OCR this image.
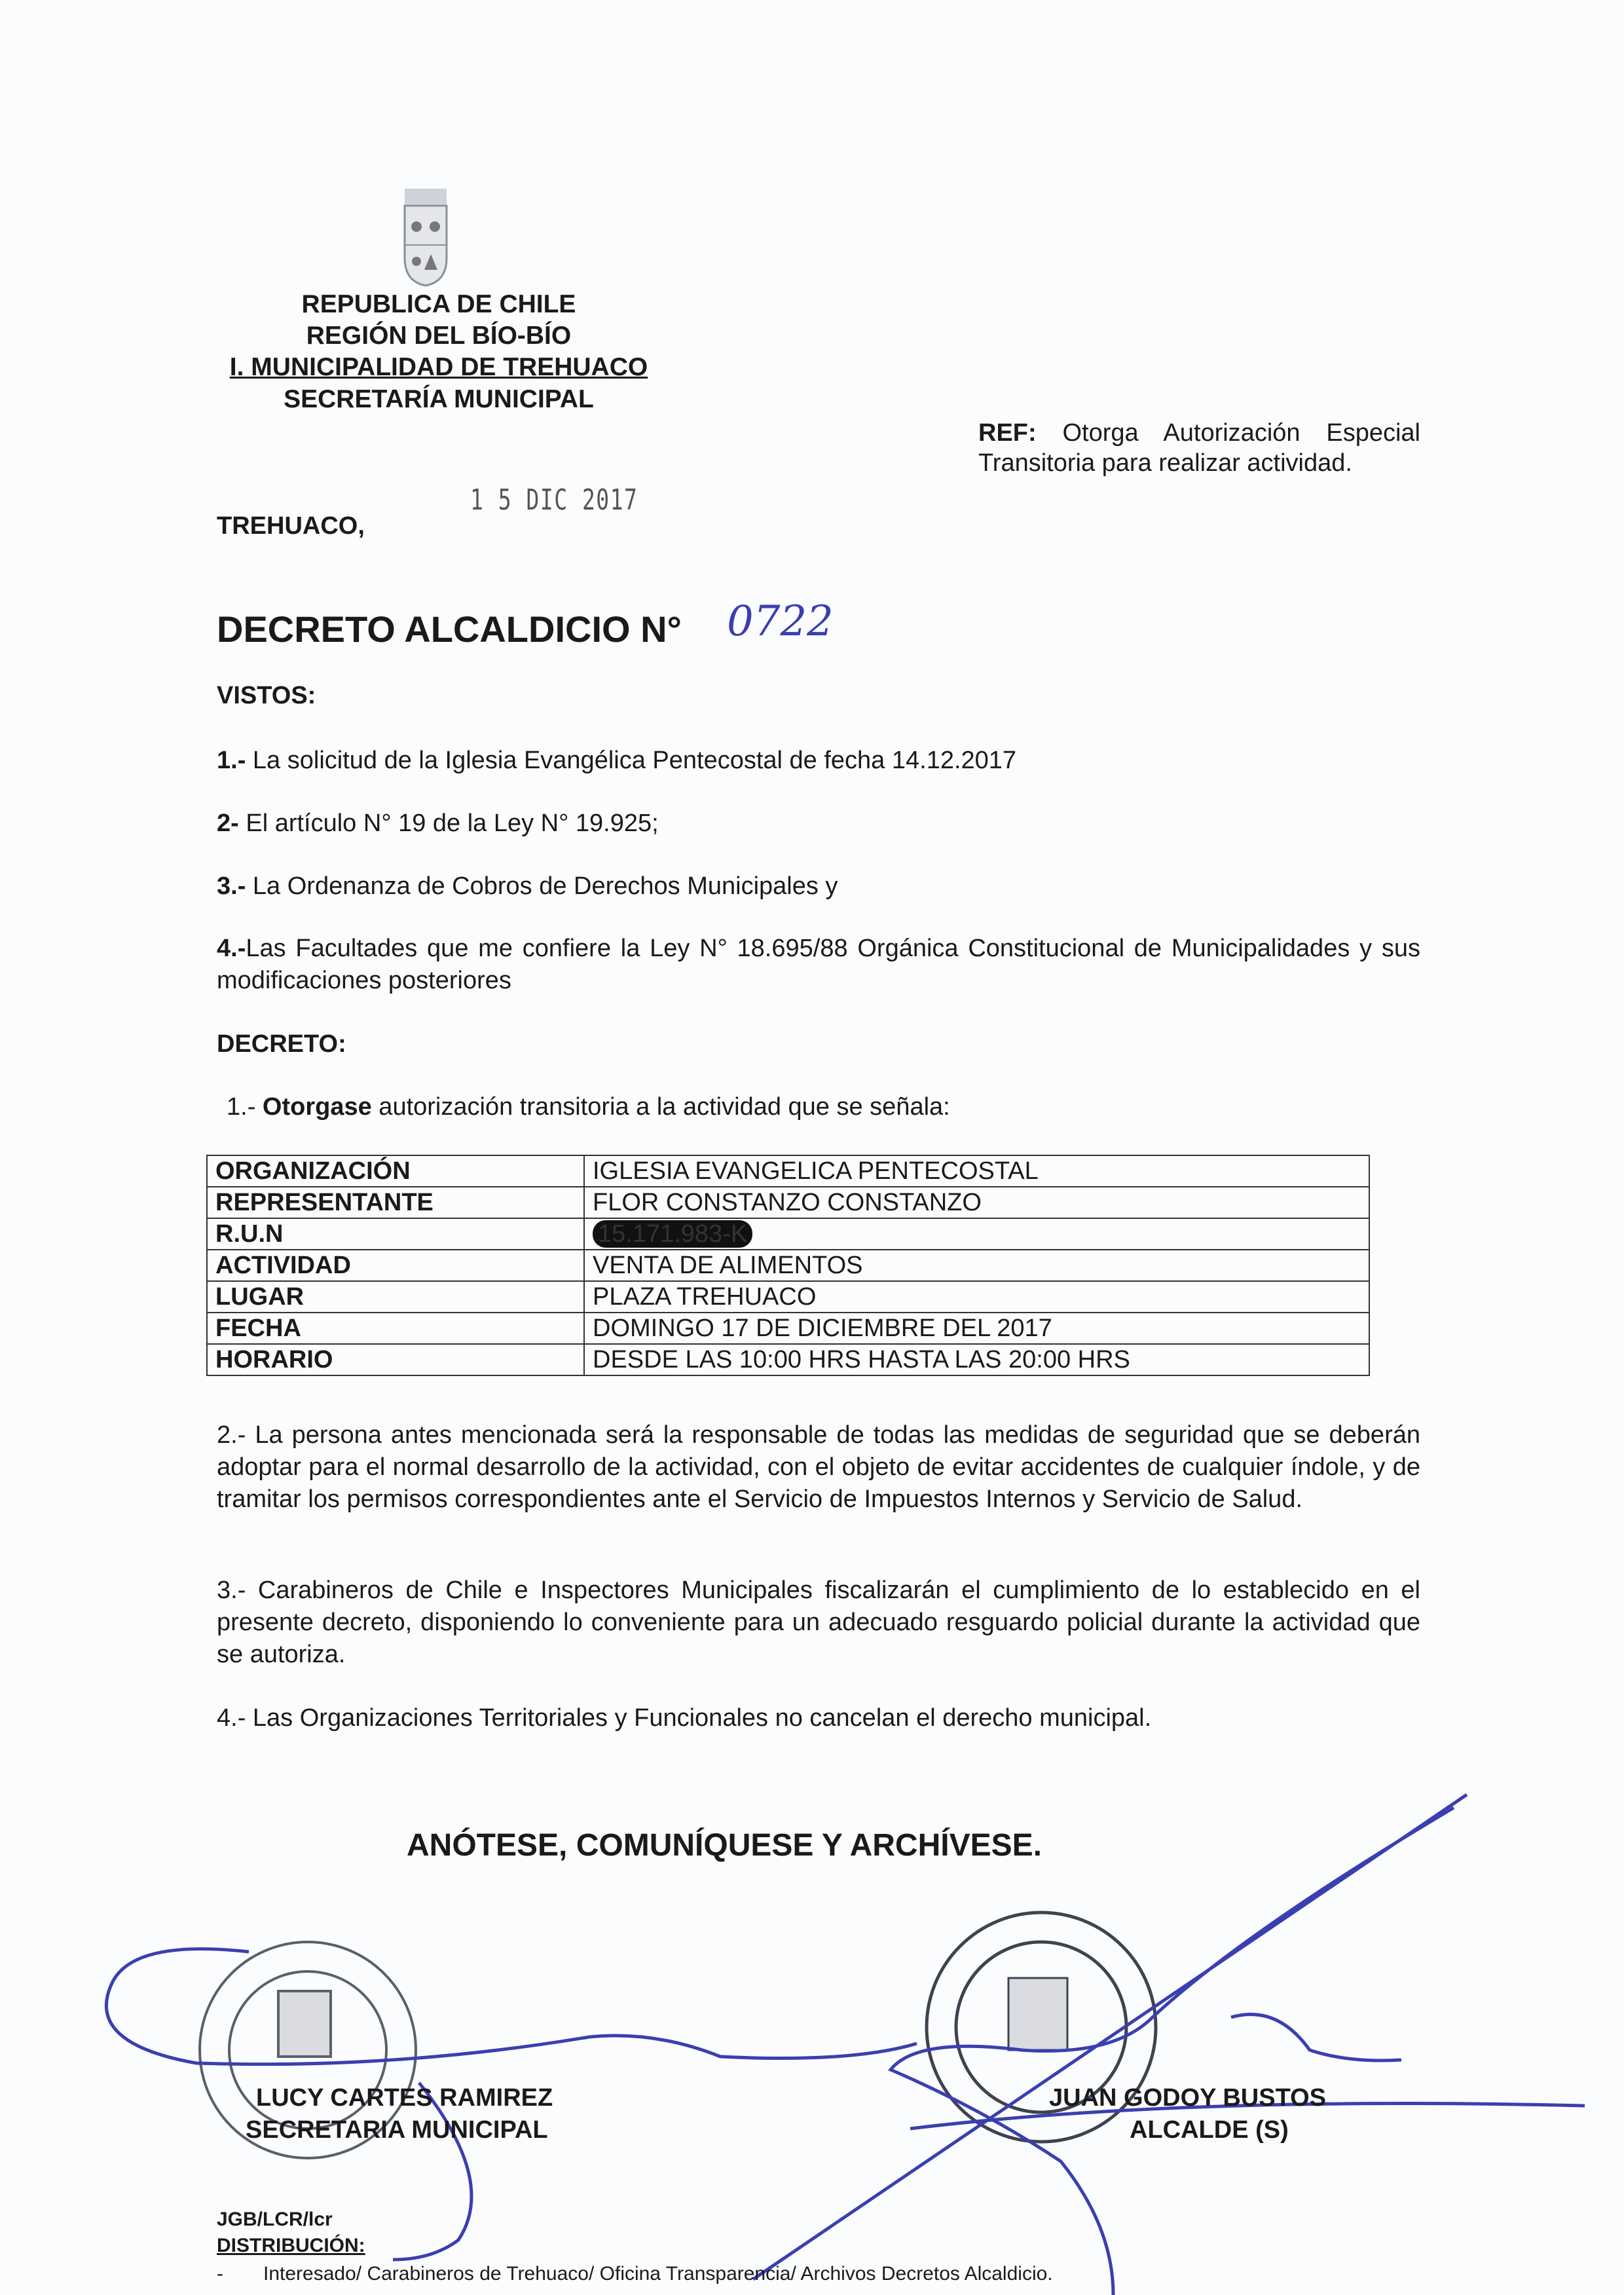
REPUBLICA DE CHILE
REGIÓN DEL BÍO-BÍO
I. MUNICIPALIDAD DE TREHUACO
SECRETARÍA MUNICIPAL
REF: Otorga Autorización Especial
Transitoria para realizar actividad.
1 5 DIC 2017
TREHUACO,
DECRETO ALCALDICIO N° 0722
VISTOS:
1.- La solicitud de la Iglesia Evangélica Pentecostal de fecha 14.12.2017
2- El artículo N° 19 de la Ley N° 19.925;
3.- La Ordenanza de Cobros de Derechos Municipales y
4.-Las Facultades que me confiere la Ley N° 18.695/88 Orgánica Constitucional de Municipalidades y sus modificaciones posteriores
DECRETO:
1.- Otorgase autorización transitoria a la actividad que se señala:
ORGANIZACIÓN	IGLESIA EVANGELICA PENTECOSTAL
REPRESENTANTE	FLOR CONSTANZO CONSTANZO
R.U.N	15.171.983-K
ACTIVIDAD	VENTA DE ALIMENTOS
LUGAR	PLAZA TREHUACO
FECHA	DOMINGO 17 DE DICIEMBRE DEL 2017
HORARIO	DESDE LAS 10:00 HRS HASTA LAS 20:00 HRS
2.- La persona antes mencionada será la responsable de todas las medidas de seguridad que se deberán adoptar para el normal desarrollo de la actividad, con el objeto de evitar accidentes de cualquier índole, y de tramitar los permisos correspondientes ante el Servicio de Impuestos Internos y Servicio de Salud.
3.- Carabineros de Chile e Inspectores Municipales fiscalizarán el cumplimiento de lo establecido en el presente decreto, disponiendo lo conveniente para un adecuado resguardo policial durante la actividad que se autoriza.
4.- Las Organizaciones Territoriales y Funcionales no cancelan el derecho municipal.
ANÓTESE, COMUNÍQUESE Y ARCHÍVESE.
LUCY CARTES RAMIREZ
SECRETARIA MUNICIPAL
JUAN GODOY BUSTOS
ALCALDE (S)
JGB/LCR/lcr
DISTRIBUCIÓN:
- Interesado/ Carabineros de Trehuaco/ Oficina Transparencia/ Archivos Decretos Alcaldicio.
